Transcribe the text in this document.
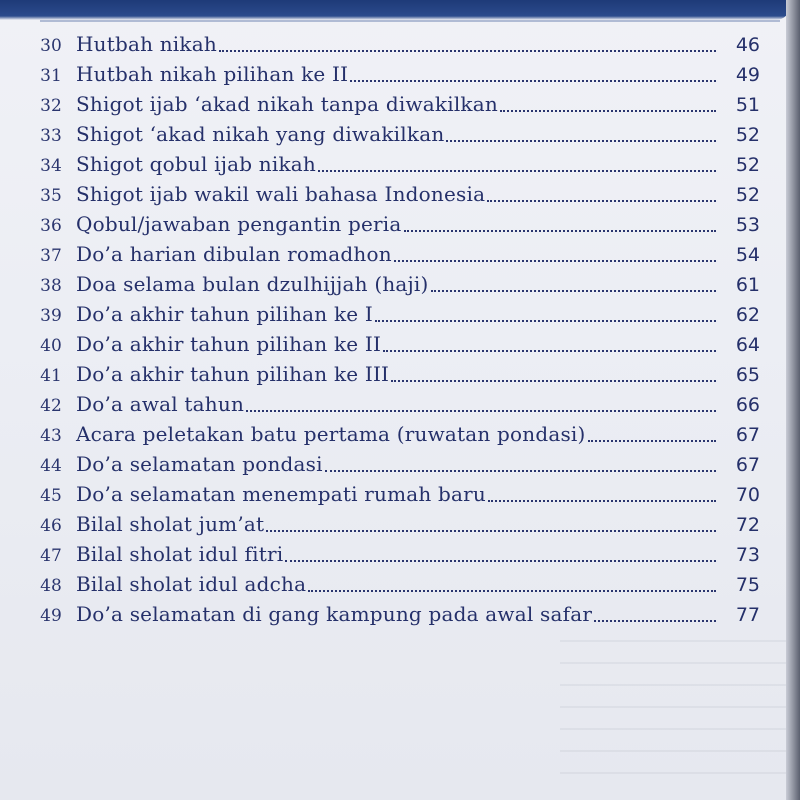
30 Hutbah nikah	46
31 Hutbah nikah pilihan ke II	49
32 Shigot ijab ‘akad nikah tanpa diwakilkan	51
33 Shigot ‘akad nikah yang diwakilkan	52
34 Shigot qobul ijab nikah	52
35 Shigot ijab wakil wali bahasa Indonesia	52
36 Qobul/jawaban pengantin peria	53
37 Do’a harian dibulan romadhon	54
38 Doa selama bulan dzulhijjah (haji)	61
39 Do’a akhir tahun pilihan ke I	62
40 Do’a akhir tahun pilihan ke II	64
41 Do’a akhir tahun pilihan ke III	65
42 Do’a awal tahun	66
43 Acara peletakan batu pertama (ruwatan pondasi)	67
44 Do’a selamatan pondasi	67
45 Do’a selamatan menempati rumah baru	70
46 Bilal sholat jum’at	72
47 Bilal sholat idul fitri	73
48 Bilal sholat idul adcha	75
49 Do’a selamatan di gang kampung pada awal safar	77
